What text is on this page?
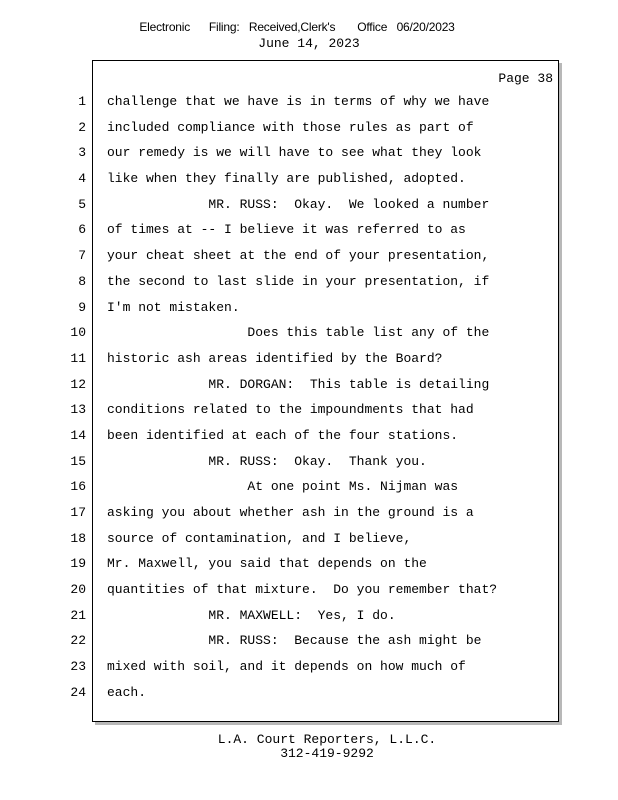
Electronic      Filing:   Received,Clerk's       Office   06/20/2023
June 14, 2023
Page 38
1 challenge that we have is in terms of why we have
2 included compliance with those rules as part of
3 our remedy is we will have to see what they look
4 like when they finally are published, adopted.
5 MR. RUSS:  Okay.  We looked a number
6 of times at -- I believe it was referred to as
7 your cheat sheet at the end of your presentation,
8 the second to last slide in your presentation, if
9 I'm not mistaken.
10 Does this table list any of the
11 historic ash areas identified by the Board?
12 MR. DORGAN:  This table is detailing
13 conditions related to the impoundments that had
14 been identified at each of the four stations.
15 MR. RUSS:  Okay.  Thank you.
16 At one point Ms. Nijman was
17 asking you about whether ash in the ground is a
18 source of contamination, and I believe,
19 Mr. Maxwell, you said that depends on the
20 quantities of that mixture.  Do you remember that?
21 MR. MAXWELL:  Yes, I do.
22 MR. RUSS:  Because the ash might be
23 mixed with soil, and it depends on how much of
24 each.
L.A. Court Reporters, L.L.C.
312-419-9292
